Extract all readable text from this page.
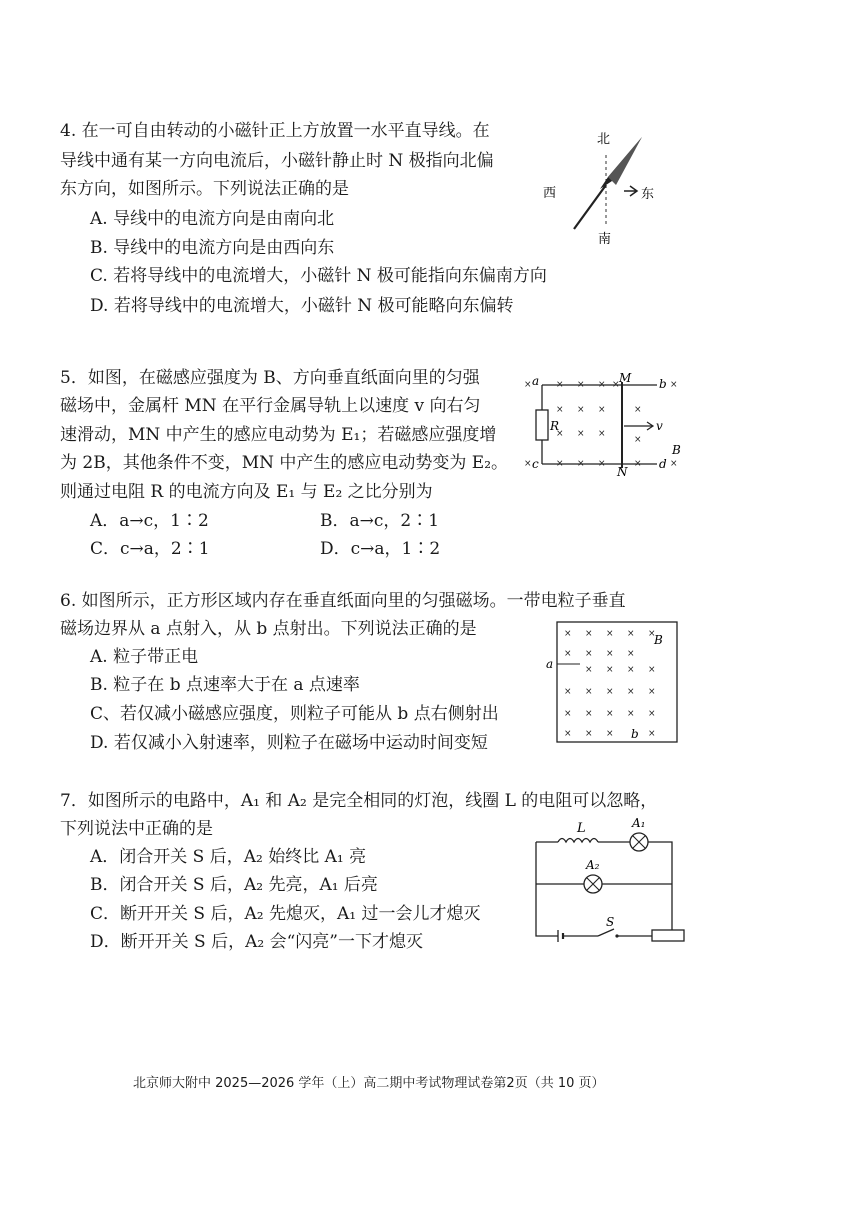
4. 在一可自由转动的小磁针正上方放置一水平直导线。在
导线中通有某一方向电流后，小磁针静止时 N 极指向北偏
东方向，如图所示。下列说法正确的是
A. 导线中的电流方向是由南向北
B. 导线中的电流方向是由西向东
C. 若将导线中的电流增大，小磁针 N 极可能指向东偏南方向
D. 若将导线中的电流增大，小磁针 N 极可能略向东偏转
北
西	东
南
5．如图，在磁感应强度为 B、方向垂直纸面向里的匀强
磁场中，金属杆 MN 在平行金属导轨上以速度 v 向右匀
速滑动，MN 中产生的感应电动势为 E₁；若磁感应强度增
为 2B，其他条件不变，MN 中产生的感应电动势变为 E₂。
则通过电阻 R 的电流方向及 E₁ 与 E₂ 之比分别为
A．a→c，1∶2	B．a→c，2∶1
C．c→a，2∶1	D．c→a，1∶2
R
M
N
a
c
b
d
v
B
×	× × × ×	×
× × ×	×
× × ×
×
×	× × ×	×	×
6. 如图所示，正方形区域内存在垂直纸面向里的匀强磁场。一带电粒子垂直
磁场边界从 a 点射入，从 b 点射出。下列说法正确的是
A. 粒子带正电
B. 粒子在 b 点速率大于在 a 点速率
C、若仅减小磁感应强度，则粒子可能从 b 点右侧射出
D. 若仅减小入射速率，则粒子在磁场中运动时间变短
a
b
B
× × × × ×
× × × ×
× × × ×
× × × × ×
× × × × ×
× × ×	×
7．如图所示的电路中，A₁ 和 A₂ 是完全相同的灯泡，线圈 L 的电阻可以忽略，
下列说法中正确的是
A．闭合开关 S 后，A₂ 始终比 A₁ 亮
B．闭合开关 S 后，A₂ 先亮，A₁ 后亮
C．断开开关 S 后，A₂ 先熄灭，A₁ 过一会儿才熄灭
D．断开开关 S 后，A₂ 会“闪亮”一下才熄灭
L	A₁
A₂
S
北京师大附中 2025—2026 学年（上）高二期中考试物理试卷第2页（共 10 页）
